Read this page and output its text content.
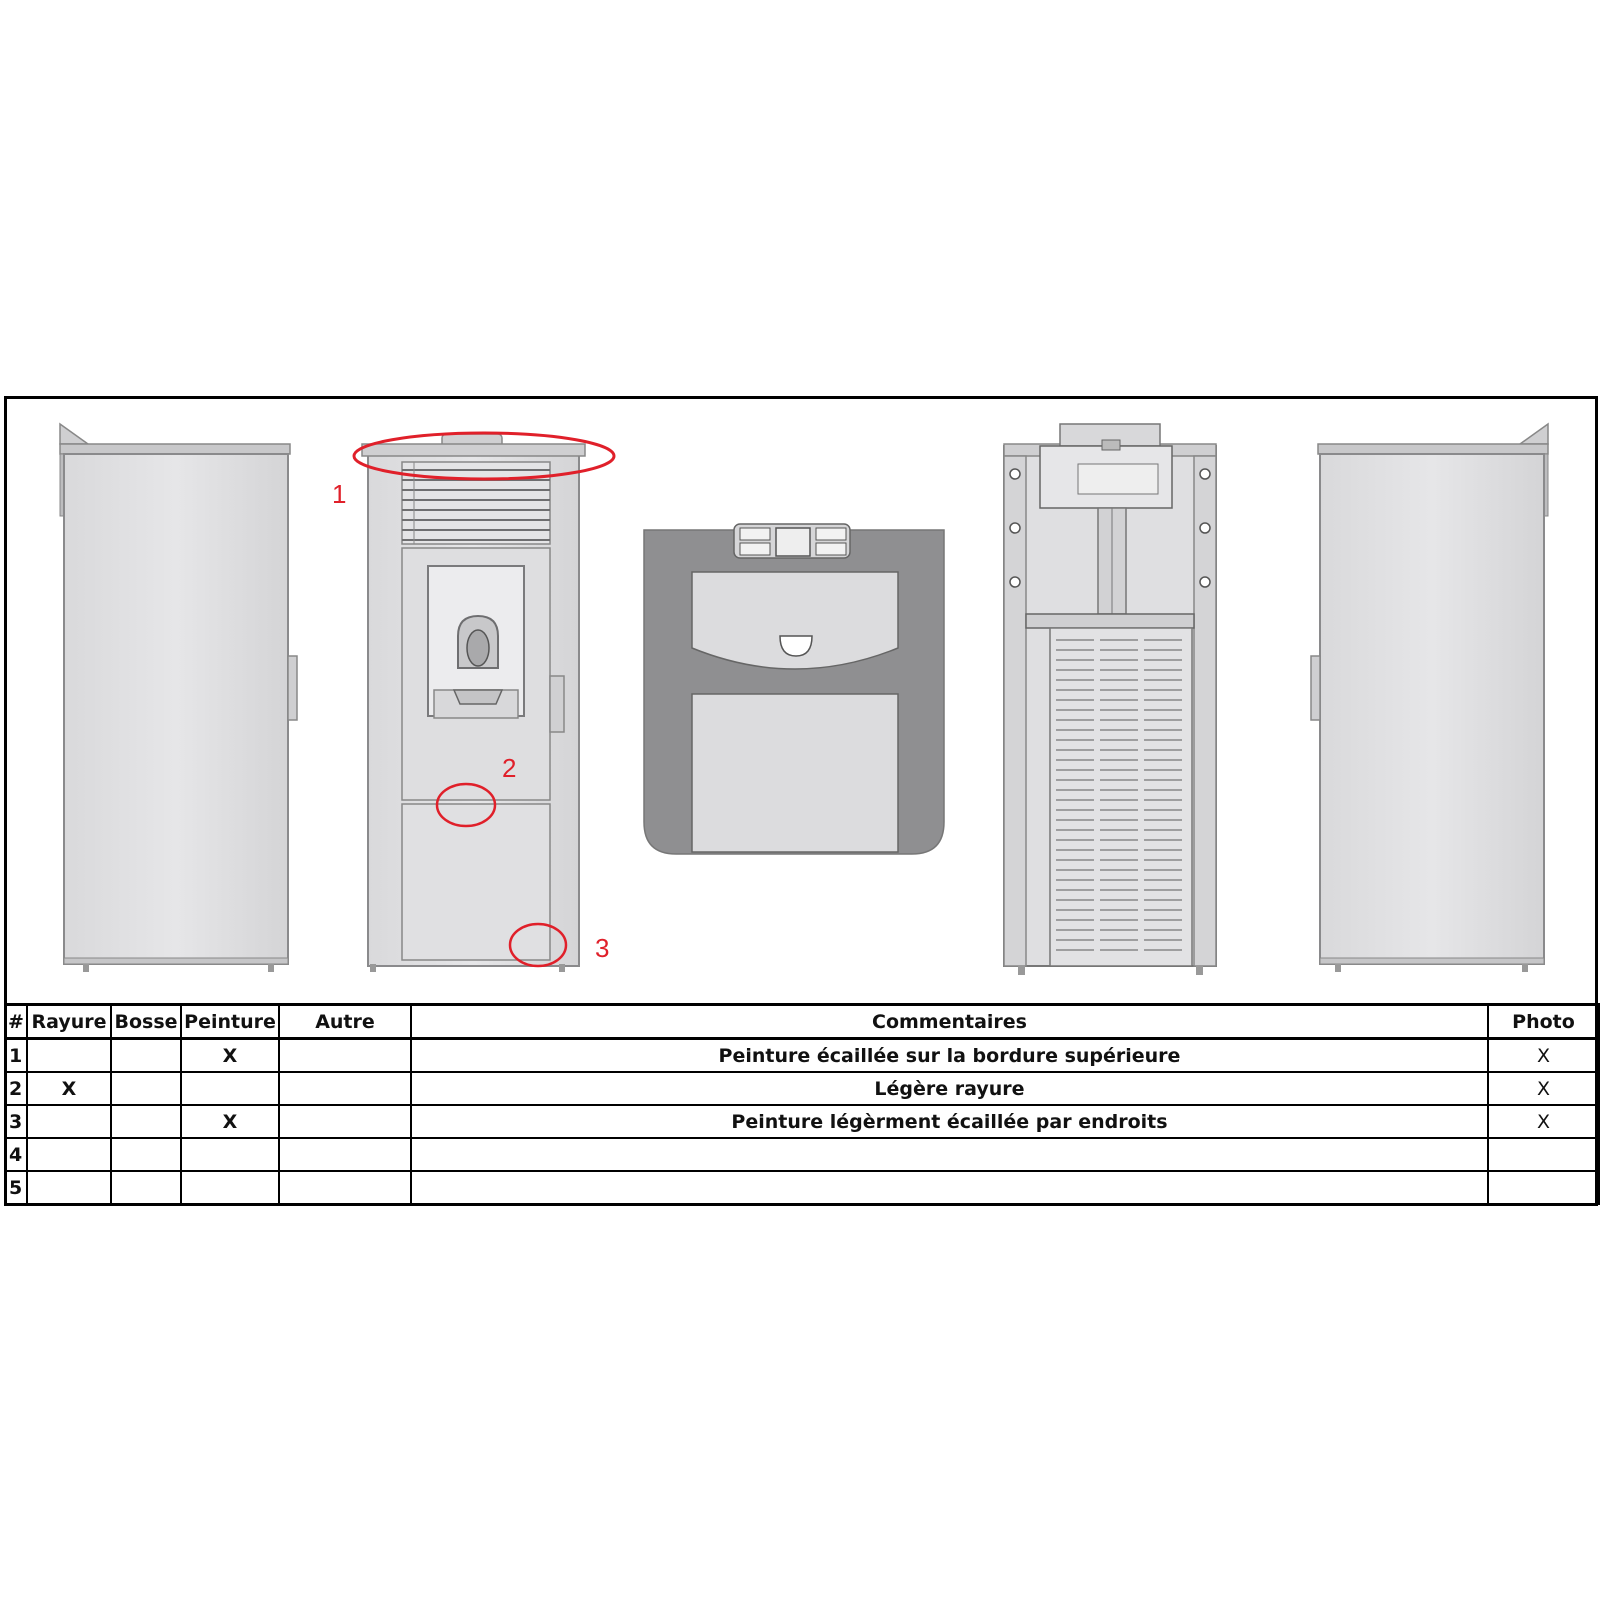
1
2
3
#	Rayure	Bosse	Peinture	Autre	Commentaires	Photo
1			X		Peinture écaillée sur la bordure supérieure	X
2	X				Légère rayure	X
3			X		Peinture légèrment écaillée par endroits	X
4						
5						
